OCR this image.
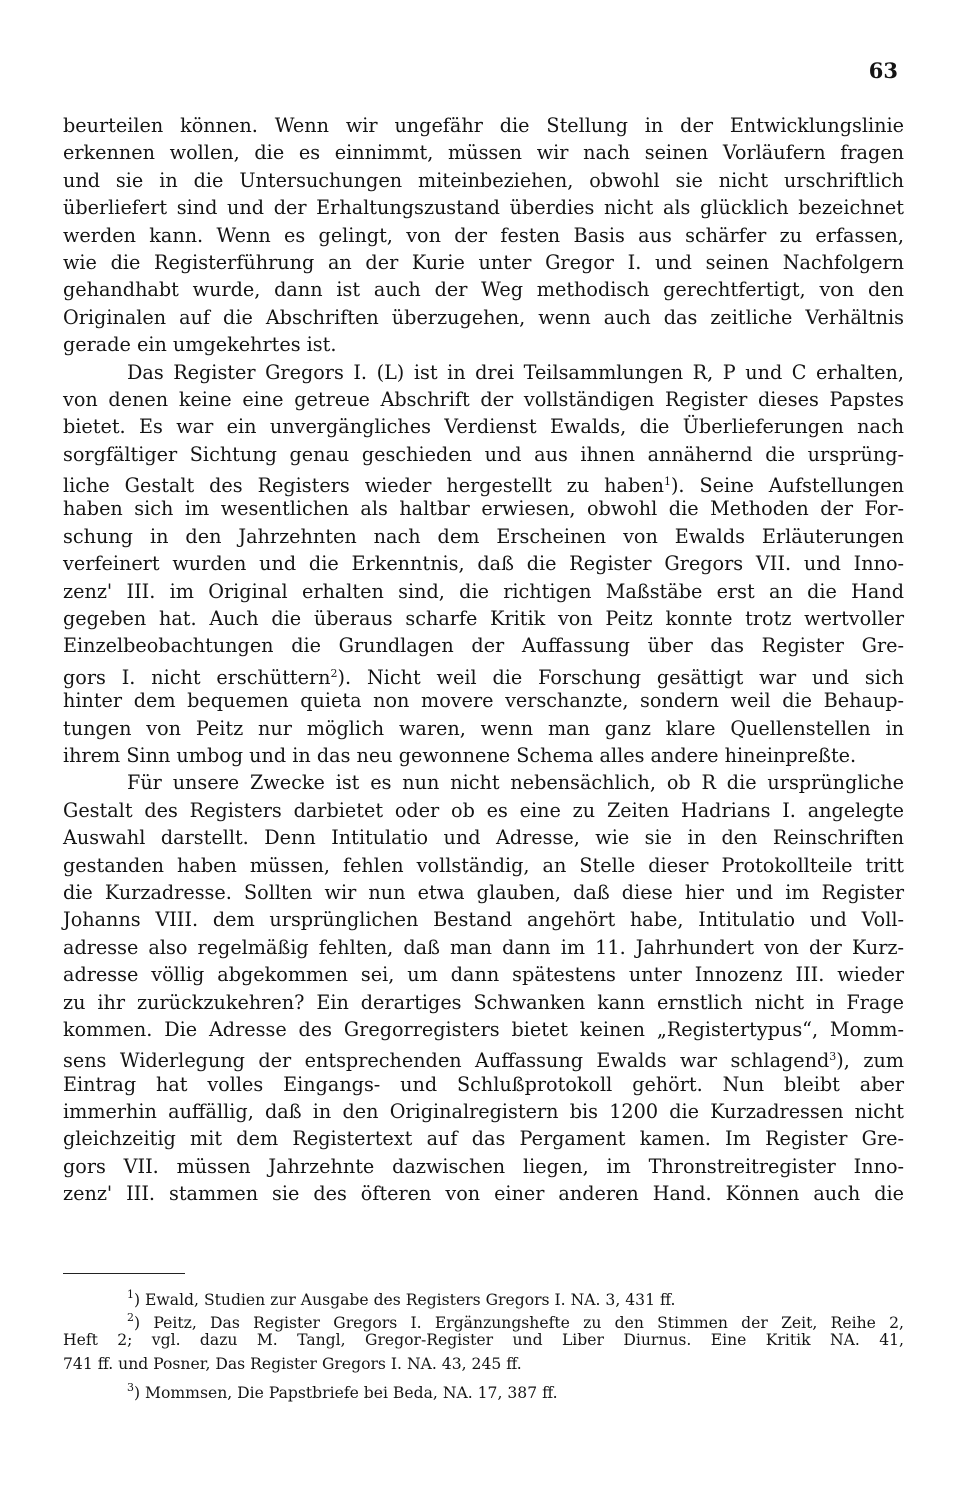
63
beurteilen können. Wenn wir ungefähr die Stellung in der Entwicklungslinie
erkennen wollen, die es einnimmt, müssen wir nach seinen Vorläufern fragen
und sie in die Untersuchungen miteinbeziehen, obwohl sie nicht urschriftlich
überliefert sind und der Erhaltungszustand überdies nicht als glücklich bezeichnet
werden kann. Wenn es gelingt, von der festen Basis aus schärfer zu erfassen,
wie die Registerführung an der Kurie unter Gregor I. und seinen Nachfolgern
gehandhabt wurde, dann ist auch der Weg methodisch gerechtfertigt, von den
Originalen auf die Abschriften überzugehen, wenn auch das zeitliche Verhältnis
gerade ein umgekehrtes ist.
Das Register Gregors I. (L) ist in drei Teilsammlungen R, P und C erhalten,
von denen keine eine getreue Abschrift der vollständigen Register dieses Papstes
bietet. Es war ein unvergängliches Verdienst Ewalds, die Überlieferungen nach
sorgfältiger Sichtung genau geschieden und aus ihnen annähernd die ursprüng-
liche Gestalt des Registers wieder hergestellt zu haben$^1$). Seine Aufstellungen
haben sich im wesentlichen als haltbar erwiesen, obwohl die Methoden der For-
schung in den Jahrzehnten nach dem Erscheinen von Ewalds Erläuterungen
verfeinert wurden und die Erkenntnis, daß die Register Gregors VII. und Inno-
zenz' III. im Original erhalten sind, die richtigen Maßstäbe erst an die Hand
gegeben hat. Auch die überaus scharfe Kritik von Peitz konnte trotz wertvoller
Einzelbeobachtungen die Grundlagen der Auffassung über das Register Gre-
gors I. nicht erschüttern$^2$). Nicht weil die Forschung gesättigt war und sich
hinter dem bequemen quieta non movere verschanzte, sondern weil die Behaup-
tungen von Peitz nur möglich waren, wenn man ganz klare Quellenstellen in
ihrem Sinn umbog und in das neu gewonnene Schema alles andere hineinpreßte.
Für unsere Zwecke ist es nun nicht nebensächlich, ob R die ursprüngliche
Gestalt des Registers darbietet oder ob es eine zu Zeiten Hadrians I. angelegte
Auswahl darstellt. Denn Intitulatio und Adresse, wie sie in den Reinschriften
gestanden haben müssen, fehlen vollständig, an Stelle dieser Protokollteile tritt
die Kurzadresse. Sollten wir nun etwa glauben, daß diese hier und im Register
Johanns VIII. dem ursprünglichen Bestand angehört habe, Intitulatio und Voll-
adresse also regelmäßig fehlten, daß man dann im 11. Jahrhundert von der Kurz-
adresse völlig abgekommen sei, um dann spätestens unter Innozenz III. wieder
zu ihr zurückzukehren? Ein derartiges Schwanken kann ernstlich nicht in Frage
kommen. Die Adresse des Gregorregisters bietet keinen „Registertypus“, Momm-
sens Widerlegung der entsprechenden Auffassung Ewalds war schlagend$^3$), zum
Eintrag hat volles Eingangs- und Schlußprotokoll gehört. Nun bleibt aber
immerhin auffällig, daß in den Originalregistern bis 1200 die Kurzadressen nicht
gleichzeitig mit dem Registertext auf das Pergament kamen. Im Register Gre-
gors VII. müssen Jahrzehnte dazwischen liegen, im Thronstreitregister Inno-
zenz' III. stammen sie des öfteren von einer anderen Hand. Können auch die
$^1$) Ewald, Studien zur Ausgabe des Registers Gregors I. NA. 3, 431 ff.
$^2$) Peitz, Das Register Gregors I. Ergänzungshefte zu den Stimmen der Zeit, Reihe 2,
Heft 2; vgl. dazu M. Tangl, Gregor-Register und Liber Diurnus. Eine Kritik NA. 41,
741 ff. und Posner, Das Register Gregors I. NA. 43, 245 ff.
$^3$) Mommsen, Die Papstbriefe bei Beda, NA. 17, 387 ff.
